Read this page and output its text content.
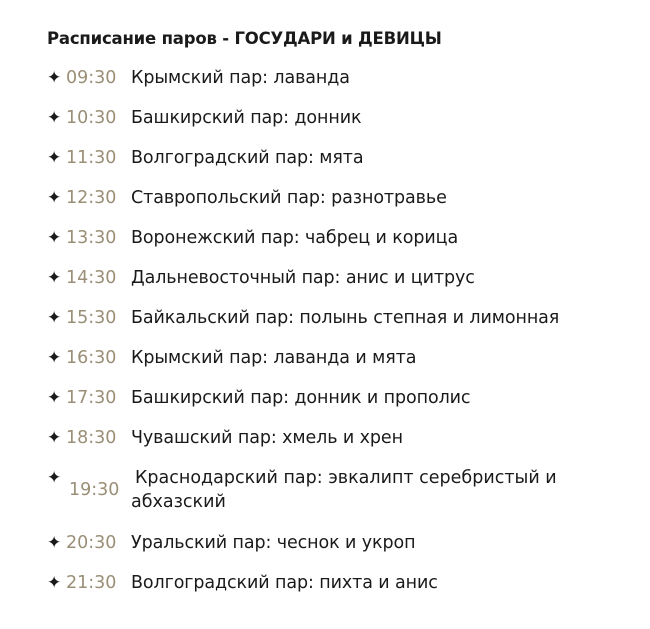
Расписание паров - ГОСУДАРИ и ДЕВИЦЫ
✦ 09:30 Крымский пар: лаванда
✦ 10:30 Башкирский пар: донник
✦ 11:30 Волгоградский пар: мята
✦ 12:30 Ставропольский пар: разнотравье
✦ 13:30 Воронежский пар: чабрец и корица
✦ 14:30 Дальневосточный пар: анис и цитрус
✦ 15:30 Байкальский пар: полынь степная и лимонная
✦ 16:30 Крымский пар: лаванда и мята
✦ 17:30 Башкирский пар: донник и прополис
✦ 18:30 Чувашский пар: хмель и хрен
✦
19:30
Краснодарский пар: эвкалипт серебристый и
абхазский
✦ 20:30 Уральский пар: чеснок и укроп
✦ 21:30 Волгоградский пар: пихта и анис
